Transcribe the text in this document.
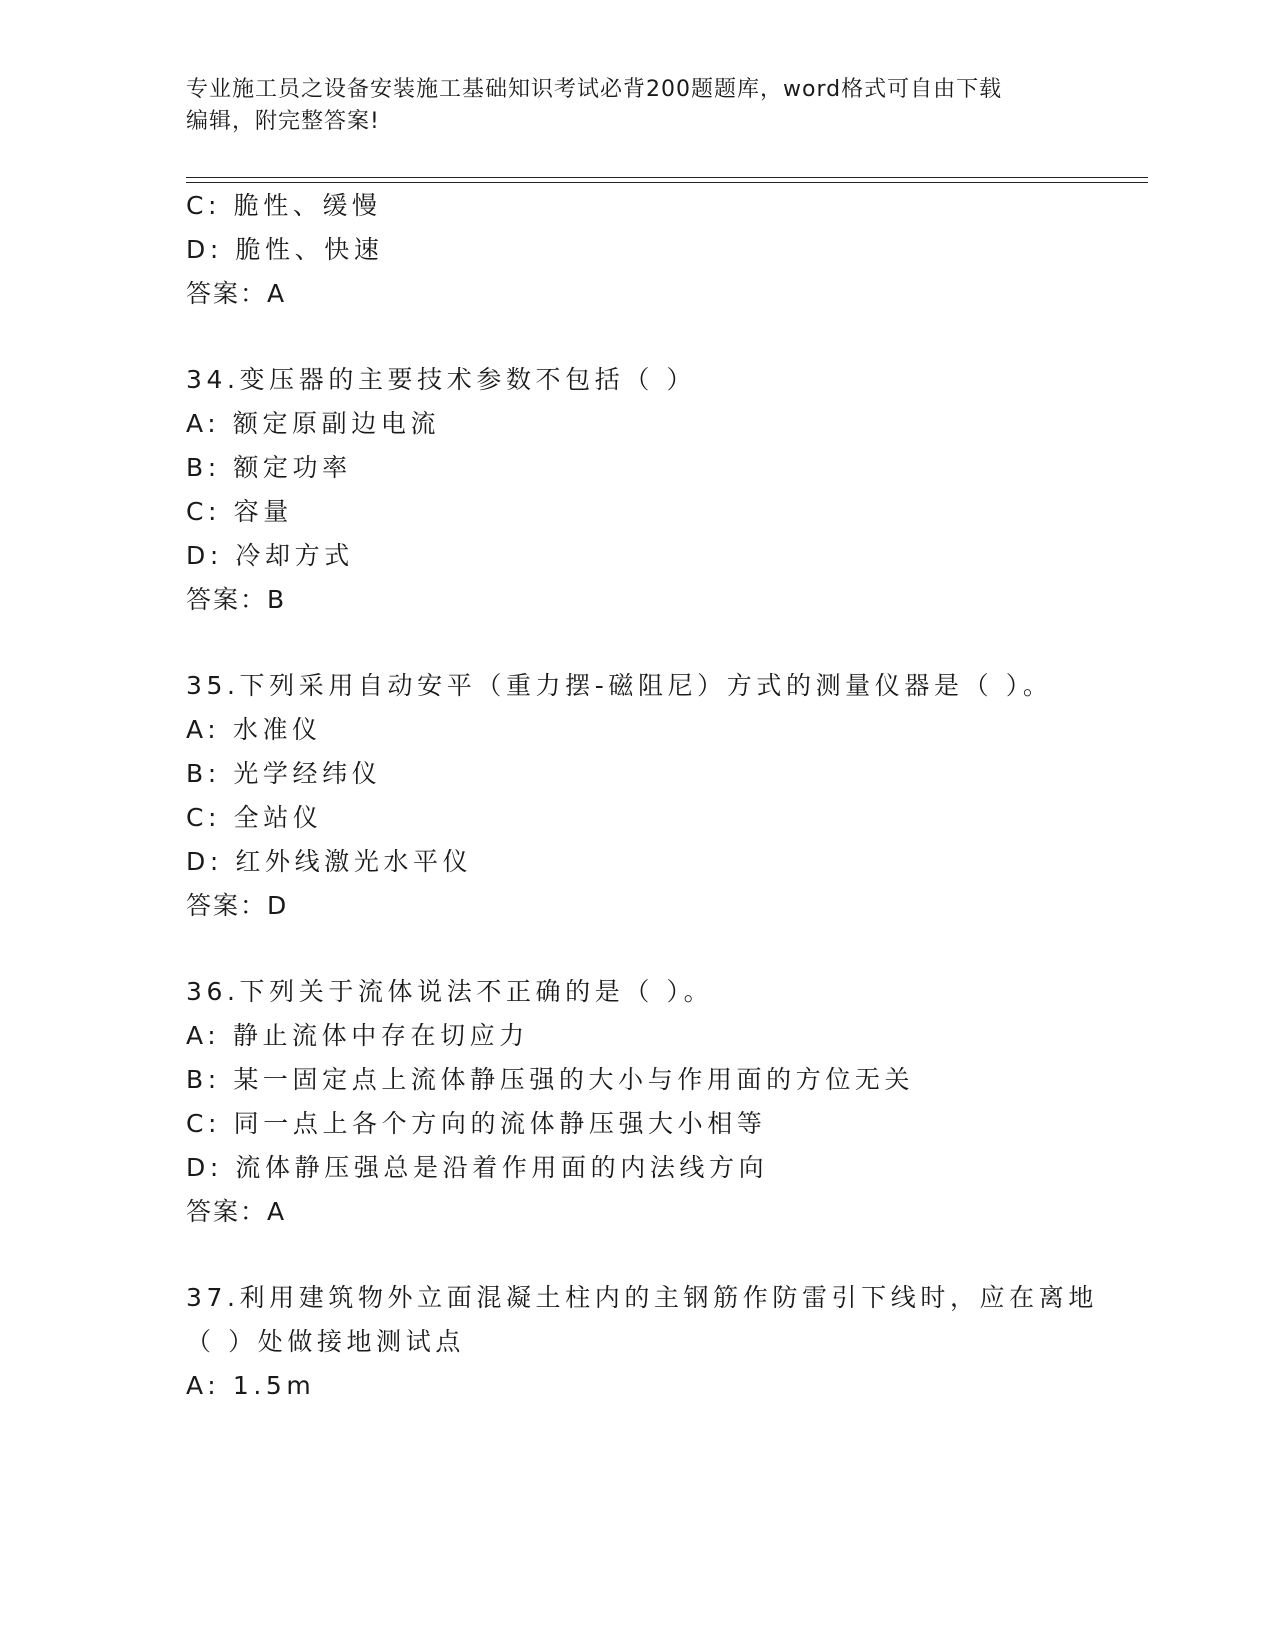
专业施工员之设备安装施工基础知识考试必背200题题库，word格式可自由下载
编辑，附完整答案!
C: 脆性、缓慢
D: 脆性、快速
答案：A
34.变压器的主要技术参数不包括（ ）
A: 额定原副边电流
B: 额定功率
C: 容量
D: 冷却方式
答案：B
35.下列采用自动安平（重力摆-磁阻尼）方式的测量仪器是（ ）。
A: 水准仪
B: 光学经纬仪
C: 全站仪
D: 红外线激光水平仪
答案：D
36.下列关于流体说法不正确的是（ ）。
A: 静止流体中存在切应力
B: 某一固定点上流体静压强的大小与作用面的方位无关
C: 同一点上各个方向的流体静压强大小相等
D: 流体静压强总是沿着作用面的内法线方向
答案：A
37.利用建筑物外立面混凝土柱内的主钢筋作防雷引下线时，应在离地
（ ）处做接地测试点
A: 1.5m
